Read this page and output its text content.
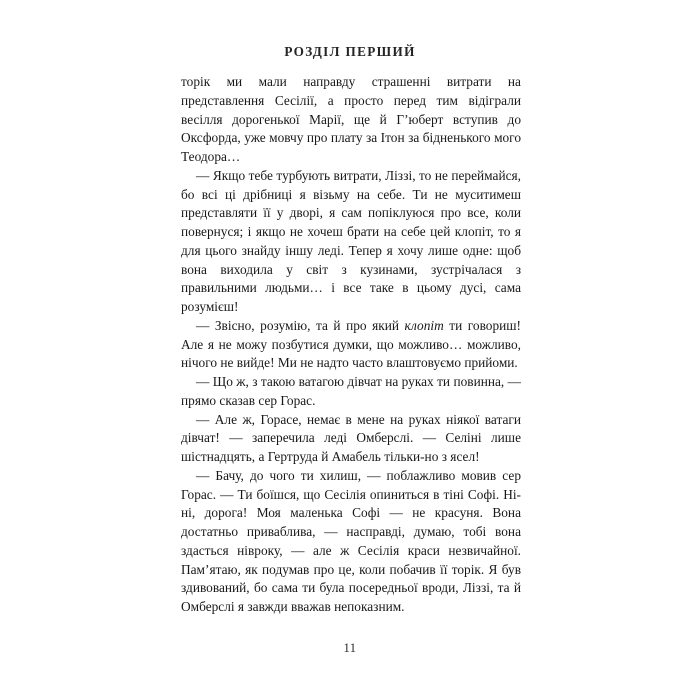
РОЗДІЛ ПЕРШИЙ

торік ми мали направду страшенні витрати на представлення Сесілії, а просто перед тим відіграли весілля дорогенької Марії, ще й Г’юберт вступив до Оксфорда, уже мовчу про плату за Ітон за бідненького мого Теодора…

— Якщо тебе турбують витрати, Ліззі, то не переймайся, бо всі ці дрібниці я візьму на себе. Ти не муситимеш представляти її у дворі, я сам попіклуюся про все, коли повернуся; і якщо не хочеш брати на себе цей клопіт, то я для цього знайду іншу леді. Тепер я хочу лише одне: щоб вона виходила у світ з кузинами, зустрічалася з правильними людьми… і все таке в цьому дусі, сама розумієш!

— Звісно, розумію, та й про який клопіт ти говориш! Але я не можу позбутися думки, що можливо… можливо, нічого не вийде! Ми не надто часто влаштовуємо прийоми.

— Що ж, з такою ватагою дівчат на руках ти повинна, — прямо сказав сер Горас.

— Але ж, Горасе, немає в мене на руках ніякої ватаги дівчат! — заперечила леді Омберслі. — Селіні лише шістнадцять, а Гертруда й Амабель тільки-но з ясел!

— Бачу, до чого ти хилиш, — поблажливо мовив сер Горас. — Ти боїшся, що Сесілія опиниться в тіні Софі. Ні-ні, дорога! Моя маленька Софі — не красуня. Вона достатньо приваблива, — насправді, думаю, тобі вона здасться нівроку, — але ж Сесілія краси незвичайної. Пам’ятаю, як подумав про це, коли побачив її торік. Я був здивований, бо сама ти була посередньої вроди, Ліззі, та й Омберслі я завжди вважав непоказним.

11
